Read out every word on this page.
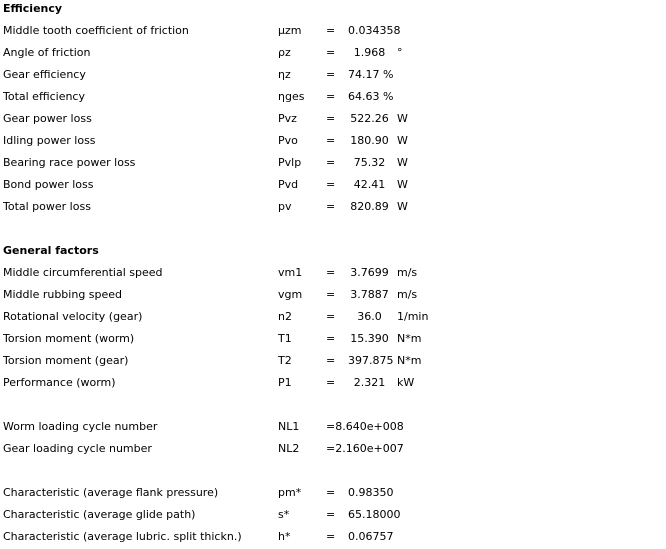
Efficiency
Middle tooth coefficient of friction	µzm = 0.034358
Angle of friction	ρz	=	1.968	°
Gear efficiency	ηz	= 74.17 %
Total efficiency	ηges = 64.63 %
Gear power loss	Pvz	= 522.26 W
Idling power loss	Pvo	= 180.90 W
Bearing race power loss	Pvlp =	75.32	W
Bond power loss	Pvd	=	42.41	W
Total power loss	pv	= 820.89 W
General factors
Middle circumferential speed	vm1 = 3.7699 m/s
Middle rubbing speed	vgm = 3.7887 m/s
Rotational velocity (gear)	n2	=	36.0	1/min
Torsion moment (worm)	T1	= 15.390 N*m
Torsion moment (gear)	T2	= 397.875 N*m
Performance (worm)	P1	=	2.321	kW
Worm loading cycle number	NL1 =8.640e+008
Gear loading cycle number	NL2 =2.160e+007
Characteristic (average flank pressure)	pm* = 0.98350
Characteristic (average glide path)	s*	= 65.18000
Characteristic (average lubric. split thickn.)	h*	= 0.06757
